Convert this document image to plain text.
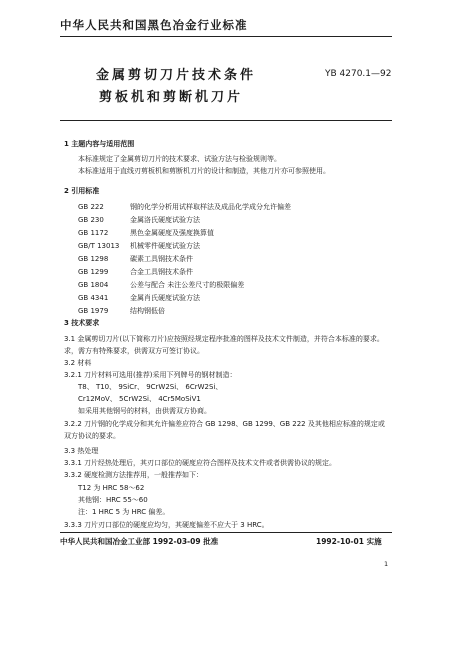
中华人民共和国黑色冶金行业标准
金属剪切刀片技术条件	YB 4270.1—92
剪板机和剪断机刀片
1 主题内容与适用范围
本标准规定了金属剪切刀片的技术要求、试验方法与检验规则等。
本标准适用于直线刃剪板机和剪断机刀片的设计和制造，其他刀片亦可参照使用。
2 引用标准
GB 222	钢的化学分析用试样取样法及成品化学成分允许偏差
GB 230	金属洛氏硬度试验方法
GB 1172	黑色金属硬度及强度换算值
GB/T 13013 机械零件硬度试验方法
GB 1298	碳素工具钢技术条件
GB 1299	合金工具钢技术条件
GB 1804	公差与配合 未注公差尺寸的极限偏差
GB 4341	金属肖氏硬度试验方法
GB 1979	结构钢低倍
3 技术要求
3.1 金属剪切刀片(以下简称刀片)应按照经规定程序批准的图样及技术文件制造，并符合本标准的要求。
求，需方有特殊要求，供需双方可签订协议。
3.2 材料
3.2.1 刀片材料可选用(推荐)采用下列牌号的钢材制造：
T8、 T10、 9SiCr、 9CrW2Si、 6CrW2Si、
Cr12MoV、 5CrW2Si、 4Cr5MoSiV1
如采用其他钢号的材料，由供需双方协商。
3.2.2 刀片钢的化学成分和其允许偏差应符合 GB 1298、GB 1299、GB 222 及其他相应标准的规定或
双方协议的要求。
3.3 热处理
3.3.1 刀片经热处理后，其刃口部位的硬度应符合图样及技术文件或者供需协议的规定。
3.3.2 硬度检测方法推荐用，一般推荐如下：
T12 为 HRC 58～62
其他钢：HRC 55～60
注：1 HRC 5 为 HRC 偏差。
3.3.3 刀片刃口部位的硬度应均匀，其硬度偏差不应大于 3 HRC。
中华人民共和国冶金工业部 1992-03-09 批准	1992-10-01 实施
1
